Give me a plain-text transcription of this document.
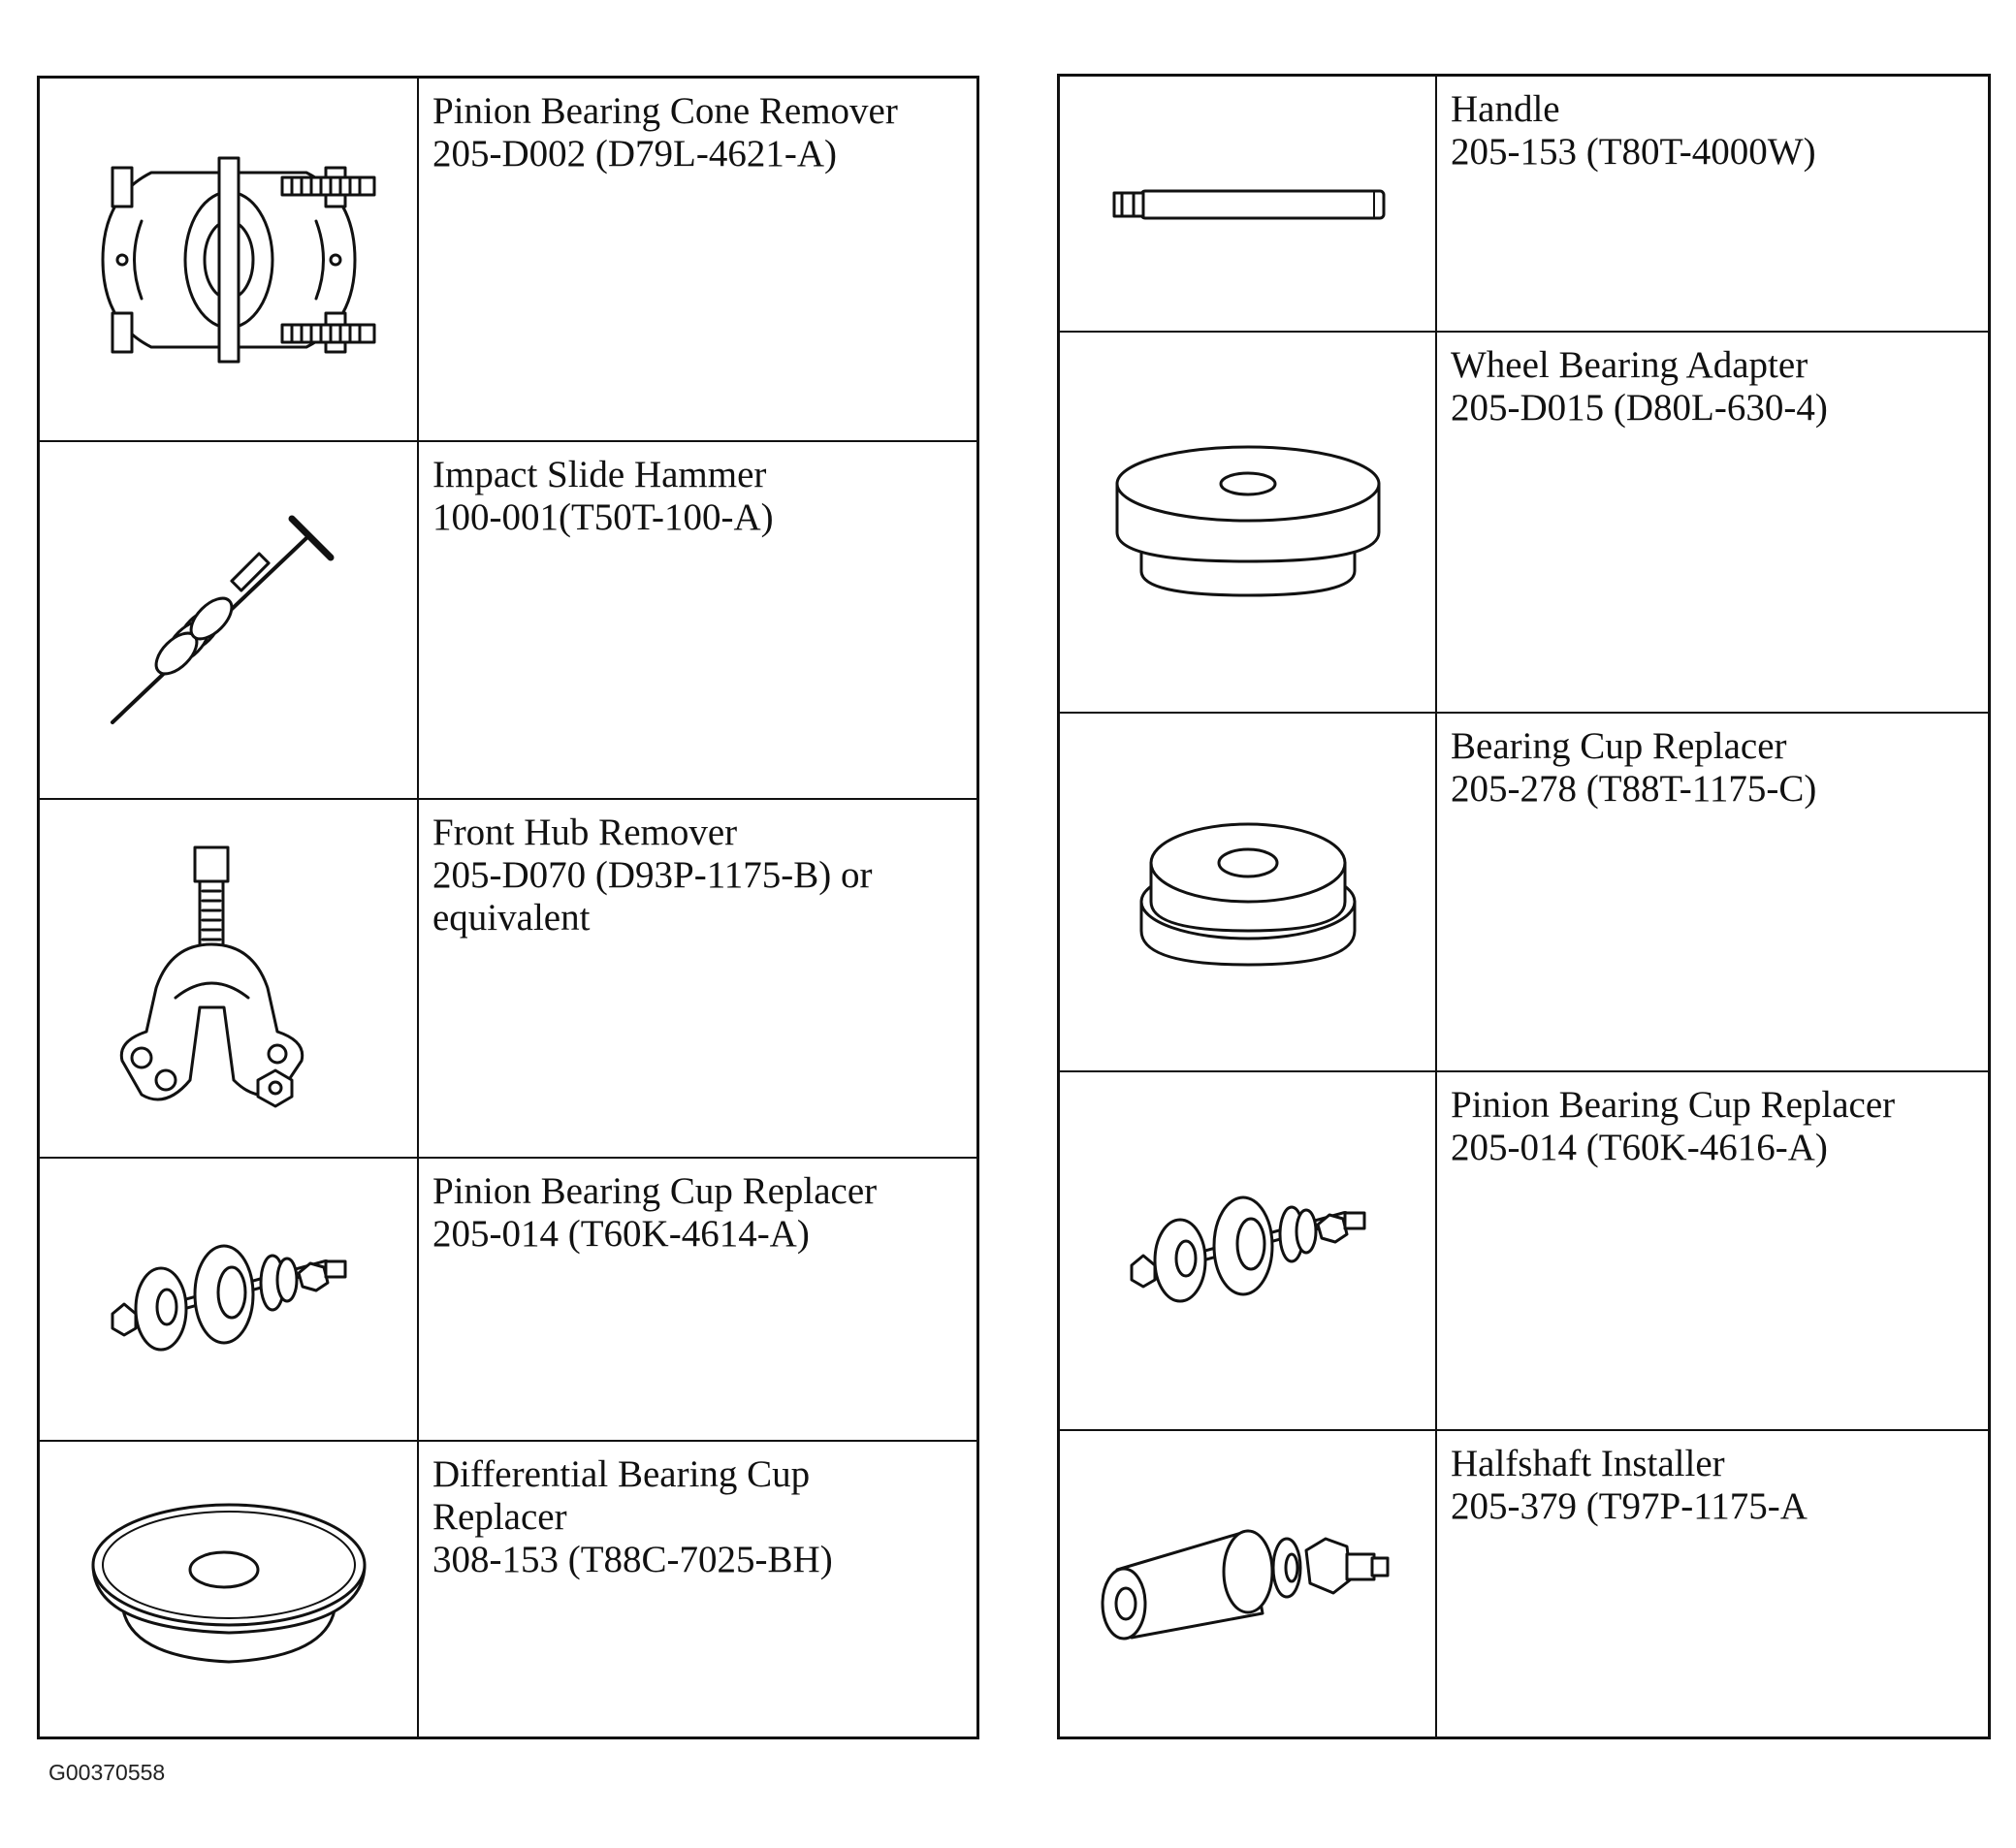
Pinion Bearing Cone Remover
205-D002 (D79L-4621-A)
Impact Slide Hammer
100-001(T50T-100-A)
Front Hub Remover
205-D070 (D93P-1175-B) or
equivalent
Pinion Bearing Cup Replacer
205-014 (T60K-4614-A)
Differential Bearing Cup
Replacer
308-153 (T88C-7025-BH)
Handle
205-153 (T80T-4000W)
Wheel Bearing Adapter
205-D015 (D80L-630-4)
Bearing Cup Replacer
205-278 (T88T-1175-C)
Pinion Bearing Cup Replacer
205-014 (T60K-4616-A)
Halfshaft Installer
205-379 (T97P-1175-A
G00370558
